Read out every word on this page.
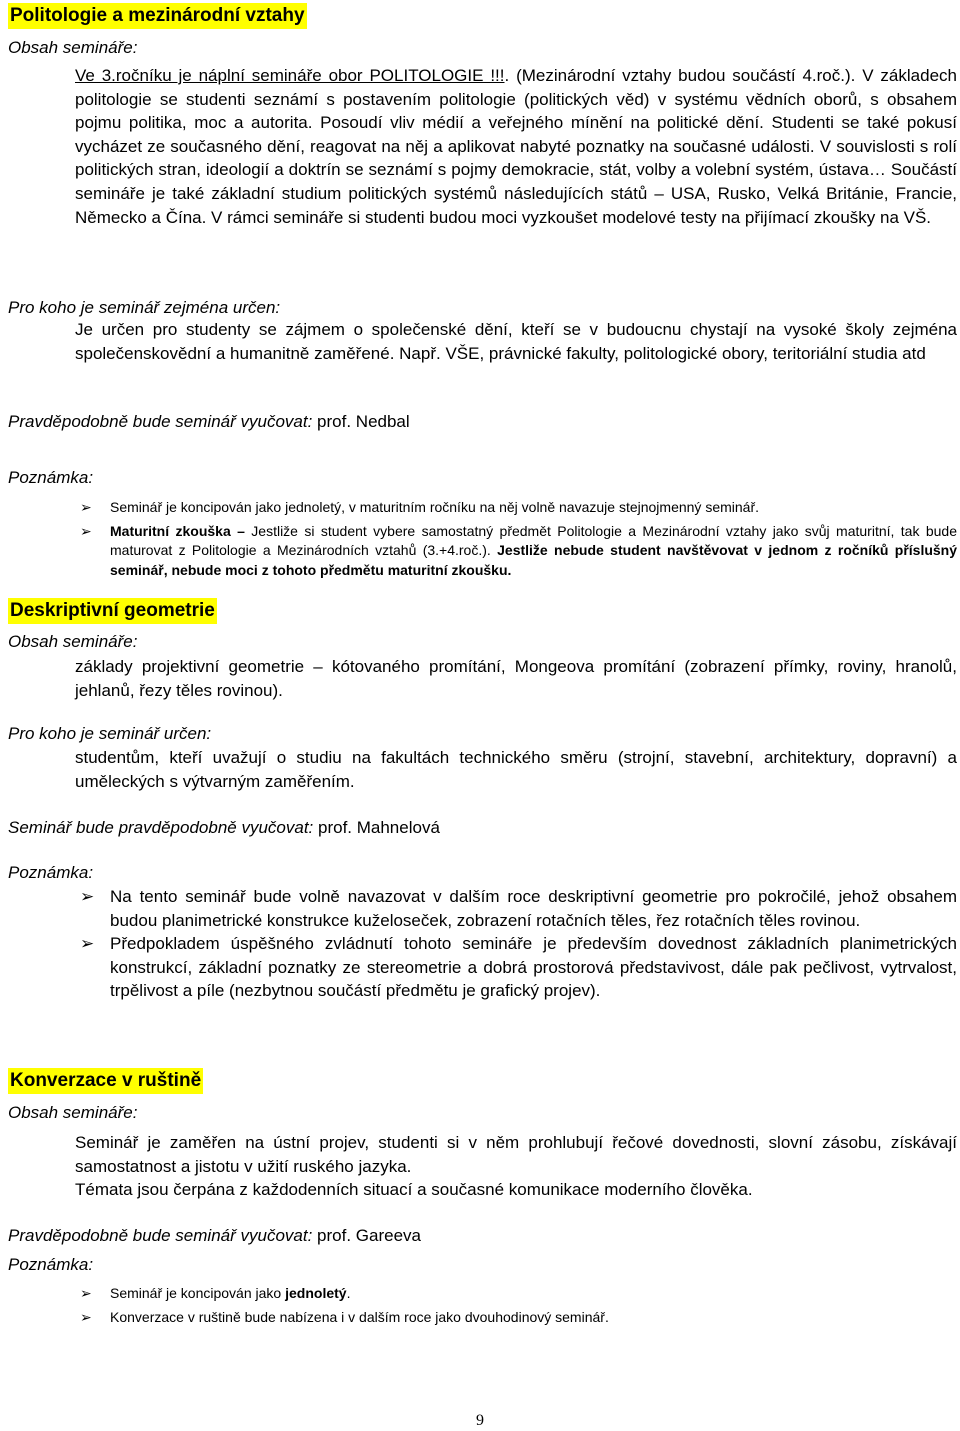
Politologie a mezinárodní vztahy
Obsah semináře:
Ve 3.ročníku je náplní semináře obor POLITOLOGIE !!!. (Mezinárodní vztahy budou součástí 4.roč.). V základech politologie se studenti seznámí s postavením politologie (politických věd) v systému vědních oborů, s obsahem pojmu politika, moc a autorita. Posoudí vliv médií a veřejného mínění na politické dění. Studenti se také pokusí vycházet ze současného dění, reagovat na něj a aplikovat nabyté poznatky na současné události. V souvislosti s rolí politických stran, ideologií a doktrín se seznámí s pojmy demokracie, stát, volby a volební systém, ústava… Součástí semináře je také základní studium politických systémů následujících států – USA, Rusko, Velká Británie, Francie, Německo a Čína. V rámci semináře si studenti budou moci vyzkoušet modelové testy na přijímací zkoušky na VŠ.
Pro koho je seminář zejména určen:
Je určen pro studenty se zájmem o společenské dění, kteří se v budoucnu chystají na vysoké školy zejména společenskovědní a humanitně zaměřené. Např. VŠE, právnické fakulty, politologické obory, teritoriální studia atd
Pravděpodobně bude seminář vyučovat: prof. Nedbal
Poznámka:
➢ Seminář je koncipován jako jednoletý, v maturitním ročníku na něj volně navazuje stejnojmenný seminář.
➢ Maturitní zkouška – Jestliže si student vybere samostatný předmět Politologie a Mezinárodní vztahy jako svůj maturitní, tak bude maturovat z Politologie a Mezinárodních vztahů (3.+4.roč.). Jestliže nebude student navštěvovat v jednom z ročníků příslušný seminář, nebude moci z tohoto předmětu maturitní zkoušku.
Deskriptivní geometrie
Obsah semináře:
základy projektivní geometrie – kótovaného promítání, Mongeova promítání (zobrazení přímky, roviny, hranolů, jehlanů, řezy těles rovinou).
Pro koho je seminář určen:
studentům, kteří uvažují o studiu na fakultách technického směru (strojní, stavební, architektury, dopravní) a uměleckých s výtvarným zaměřením.
Seminář bude pravděpodobně vyučovat: prof. Mahnelová
Poznámka:
➢ Na tento seminář bude volně navazovat v dalším roce deskriptivní geometrie pro pokročilé, jehož obsahem budou planimetrické konstrukce kuželoseček, zobrazení rotačních těles, řez rotačních těles rovinou.
➢ Předpokladem úspěšného zvládnutí tohoto semináře je především dovednost základních planimetrických konstrukcí, základní poznatky ze stereometrie a dobrá prostorová představivost, dále pak pečlivost, vytrvalost, trpělivost a píle (nezbytnou součástí předmětu je grafický projev).
Konverzace v ruštině
Obsah semináře:
Seminář je zaměřen na ústní projev, studenti si v něm prohlubují řečové dovednosti, slovní zásobu, získávají samostatnost a jistotu v užití ruského jazyka.
Témata jsou čerpána z každodenních situací a současné komunikace moderního člověka.
Pravděpodobně bude seminář vyučovat: prof. Gareeva
Poznámka:
➢ Seminář je koncipován jako jednoletý.
➢ Konverzace v ruštině bude nabízena i v dalším roce jako dvouhodinový seminář.
9
